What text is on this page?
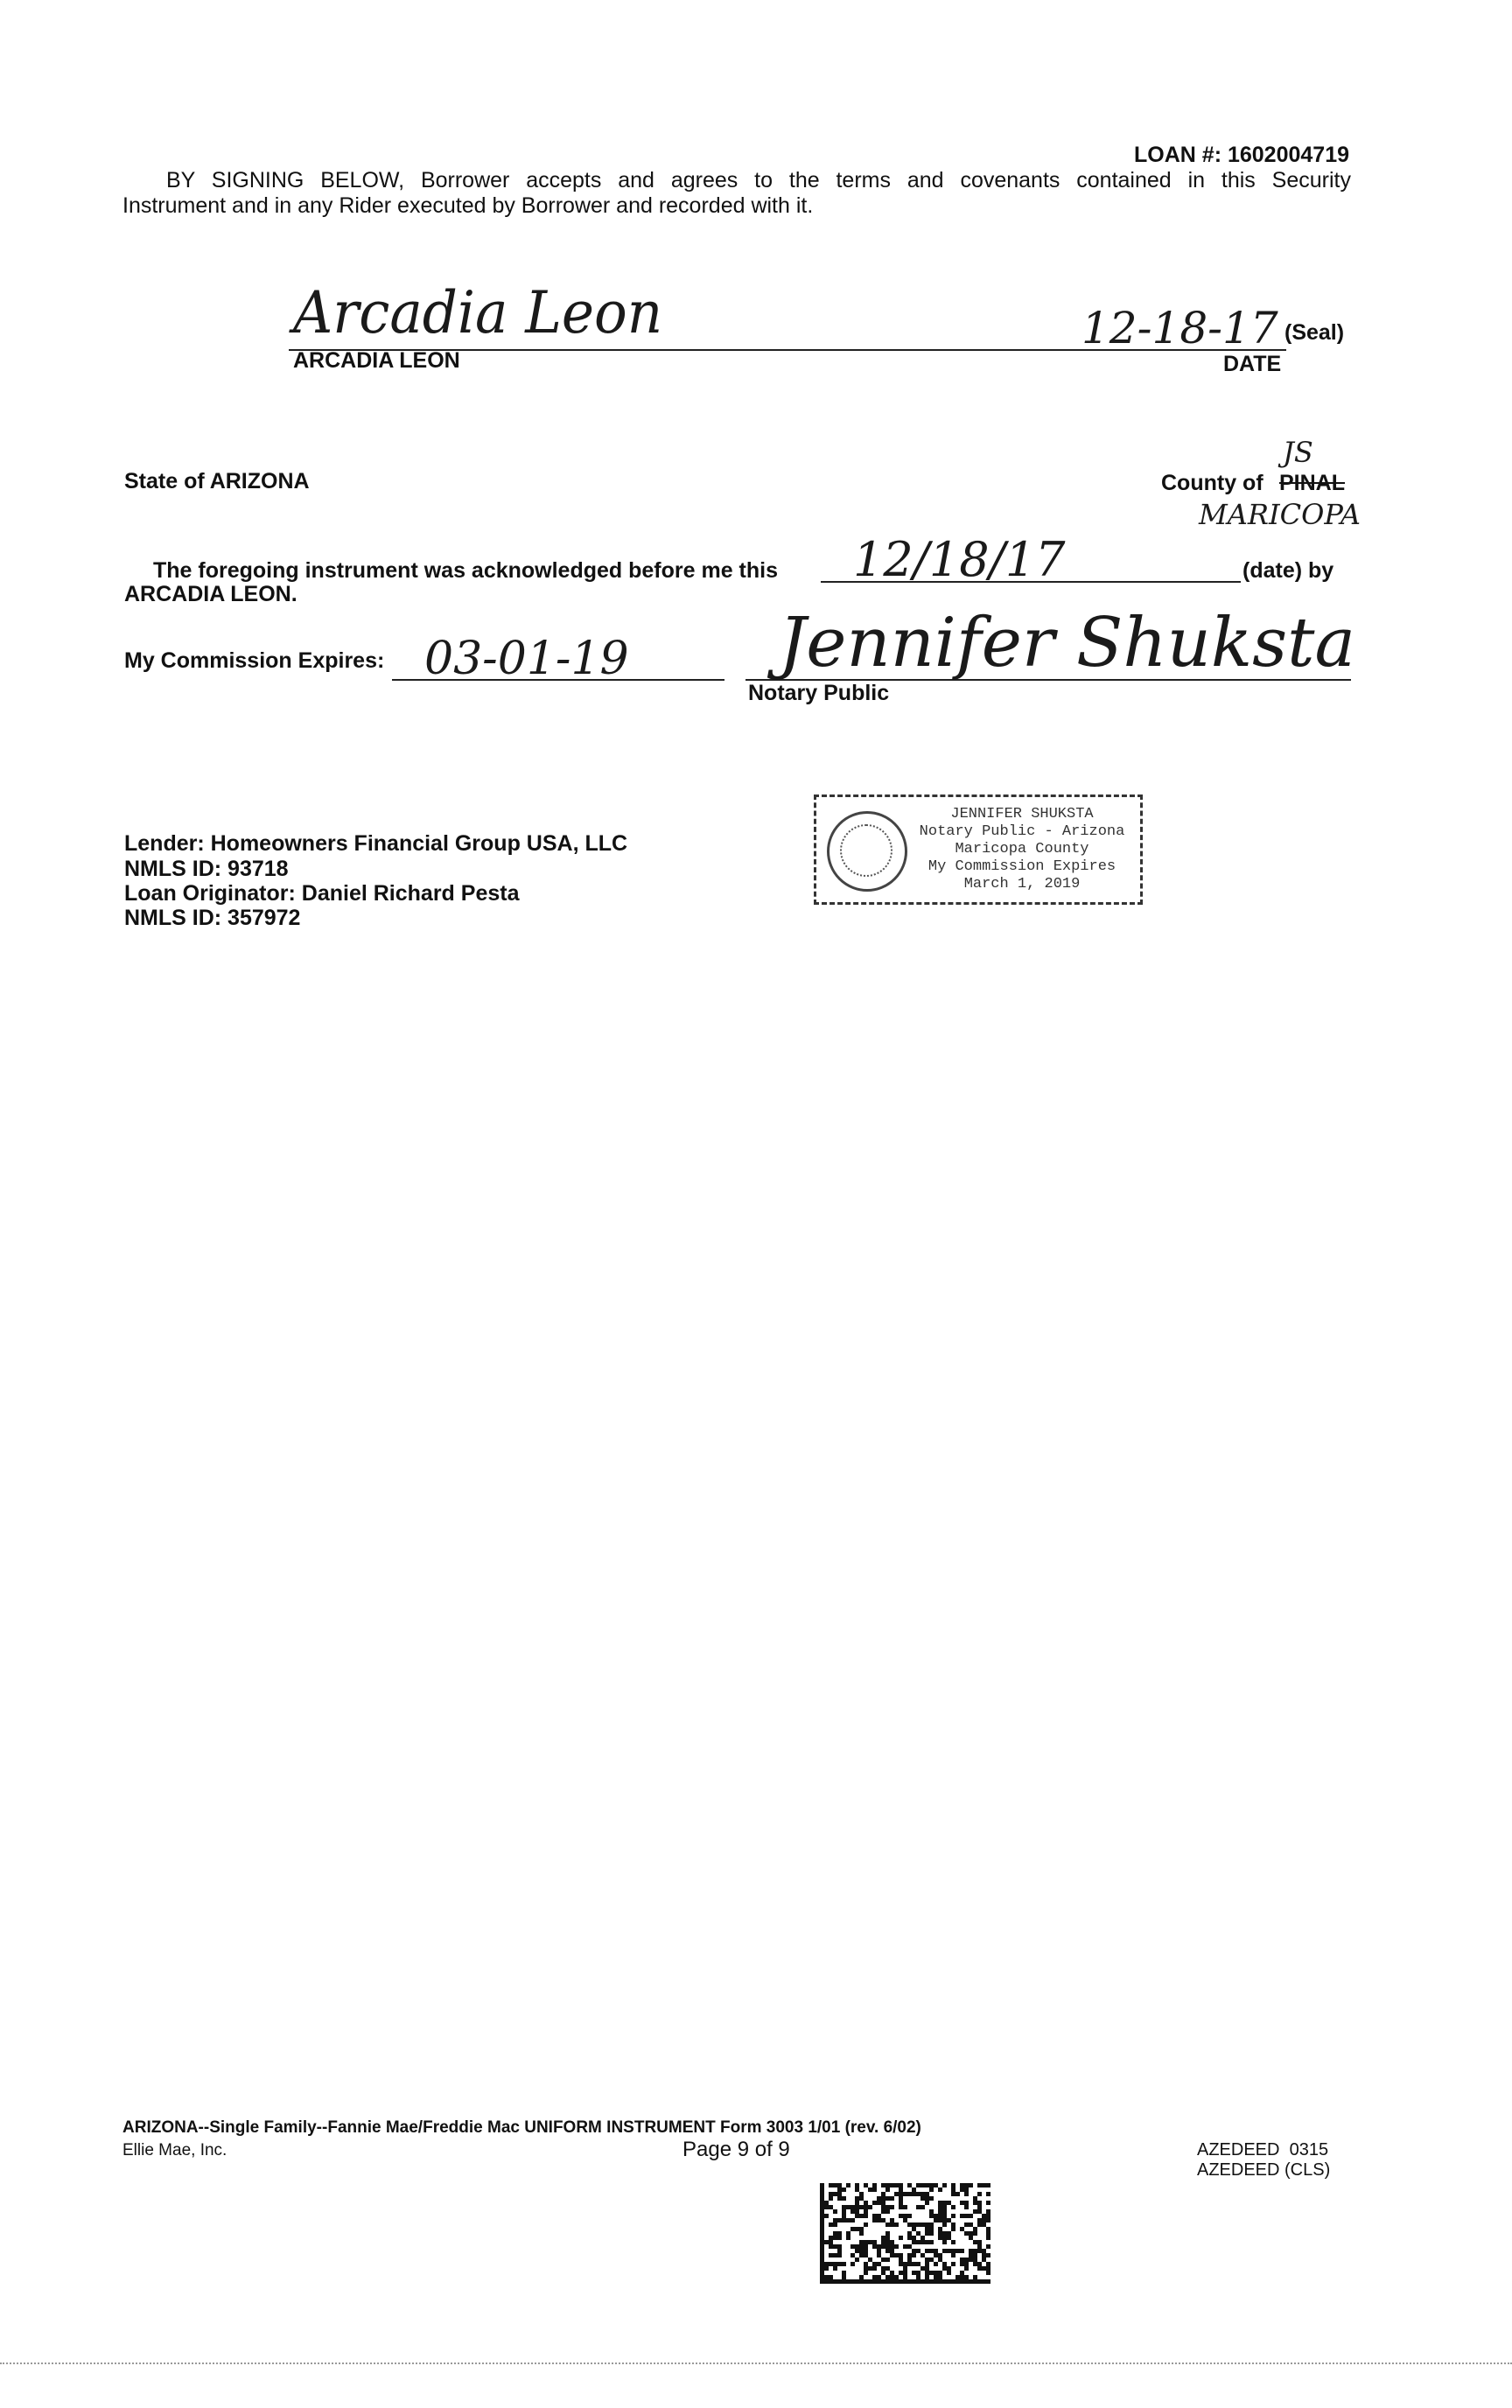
LOAN #: 1602004719
BY SIGNING BELOW, Borrower accepts and agrees to the terms and covenants contained in this Security
Instrument and in any Rider executed by Borrower and recorded with it.
Arcadia Leon	12-18-17 (Seal)
ARCADIA LEON	DATE
State of ARIZONA	County of PINAL
JS
MARICOPA
The foregoing instrument was acknowledged before me this 12/18/17	(date) by
ARCADIA LEON.
My Commission Expires: 03-01-19 Jennifer Shuksta
Notary Public
Lender: Homeowners Financial Group USA, LLC
NMLS ID: 93718
Loan Originator: Daniel Richard Pesta
NMLS ID: 357972
JENNIFER SHUKSTA
Notary Public - Arizona
Maricopa County
My Commission Expires
March 1, 2019
ARIZONA--Single Family--Fannie Mae/Freddie Mac UNIFORM INSTRUMENT Form 3003 1/01 (rev. 6/02)
Ellie Mae, Inc.	Page 9 of 9	AZEDEED  0315
AZEDEED (CLS)
